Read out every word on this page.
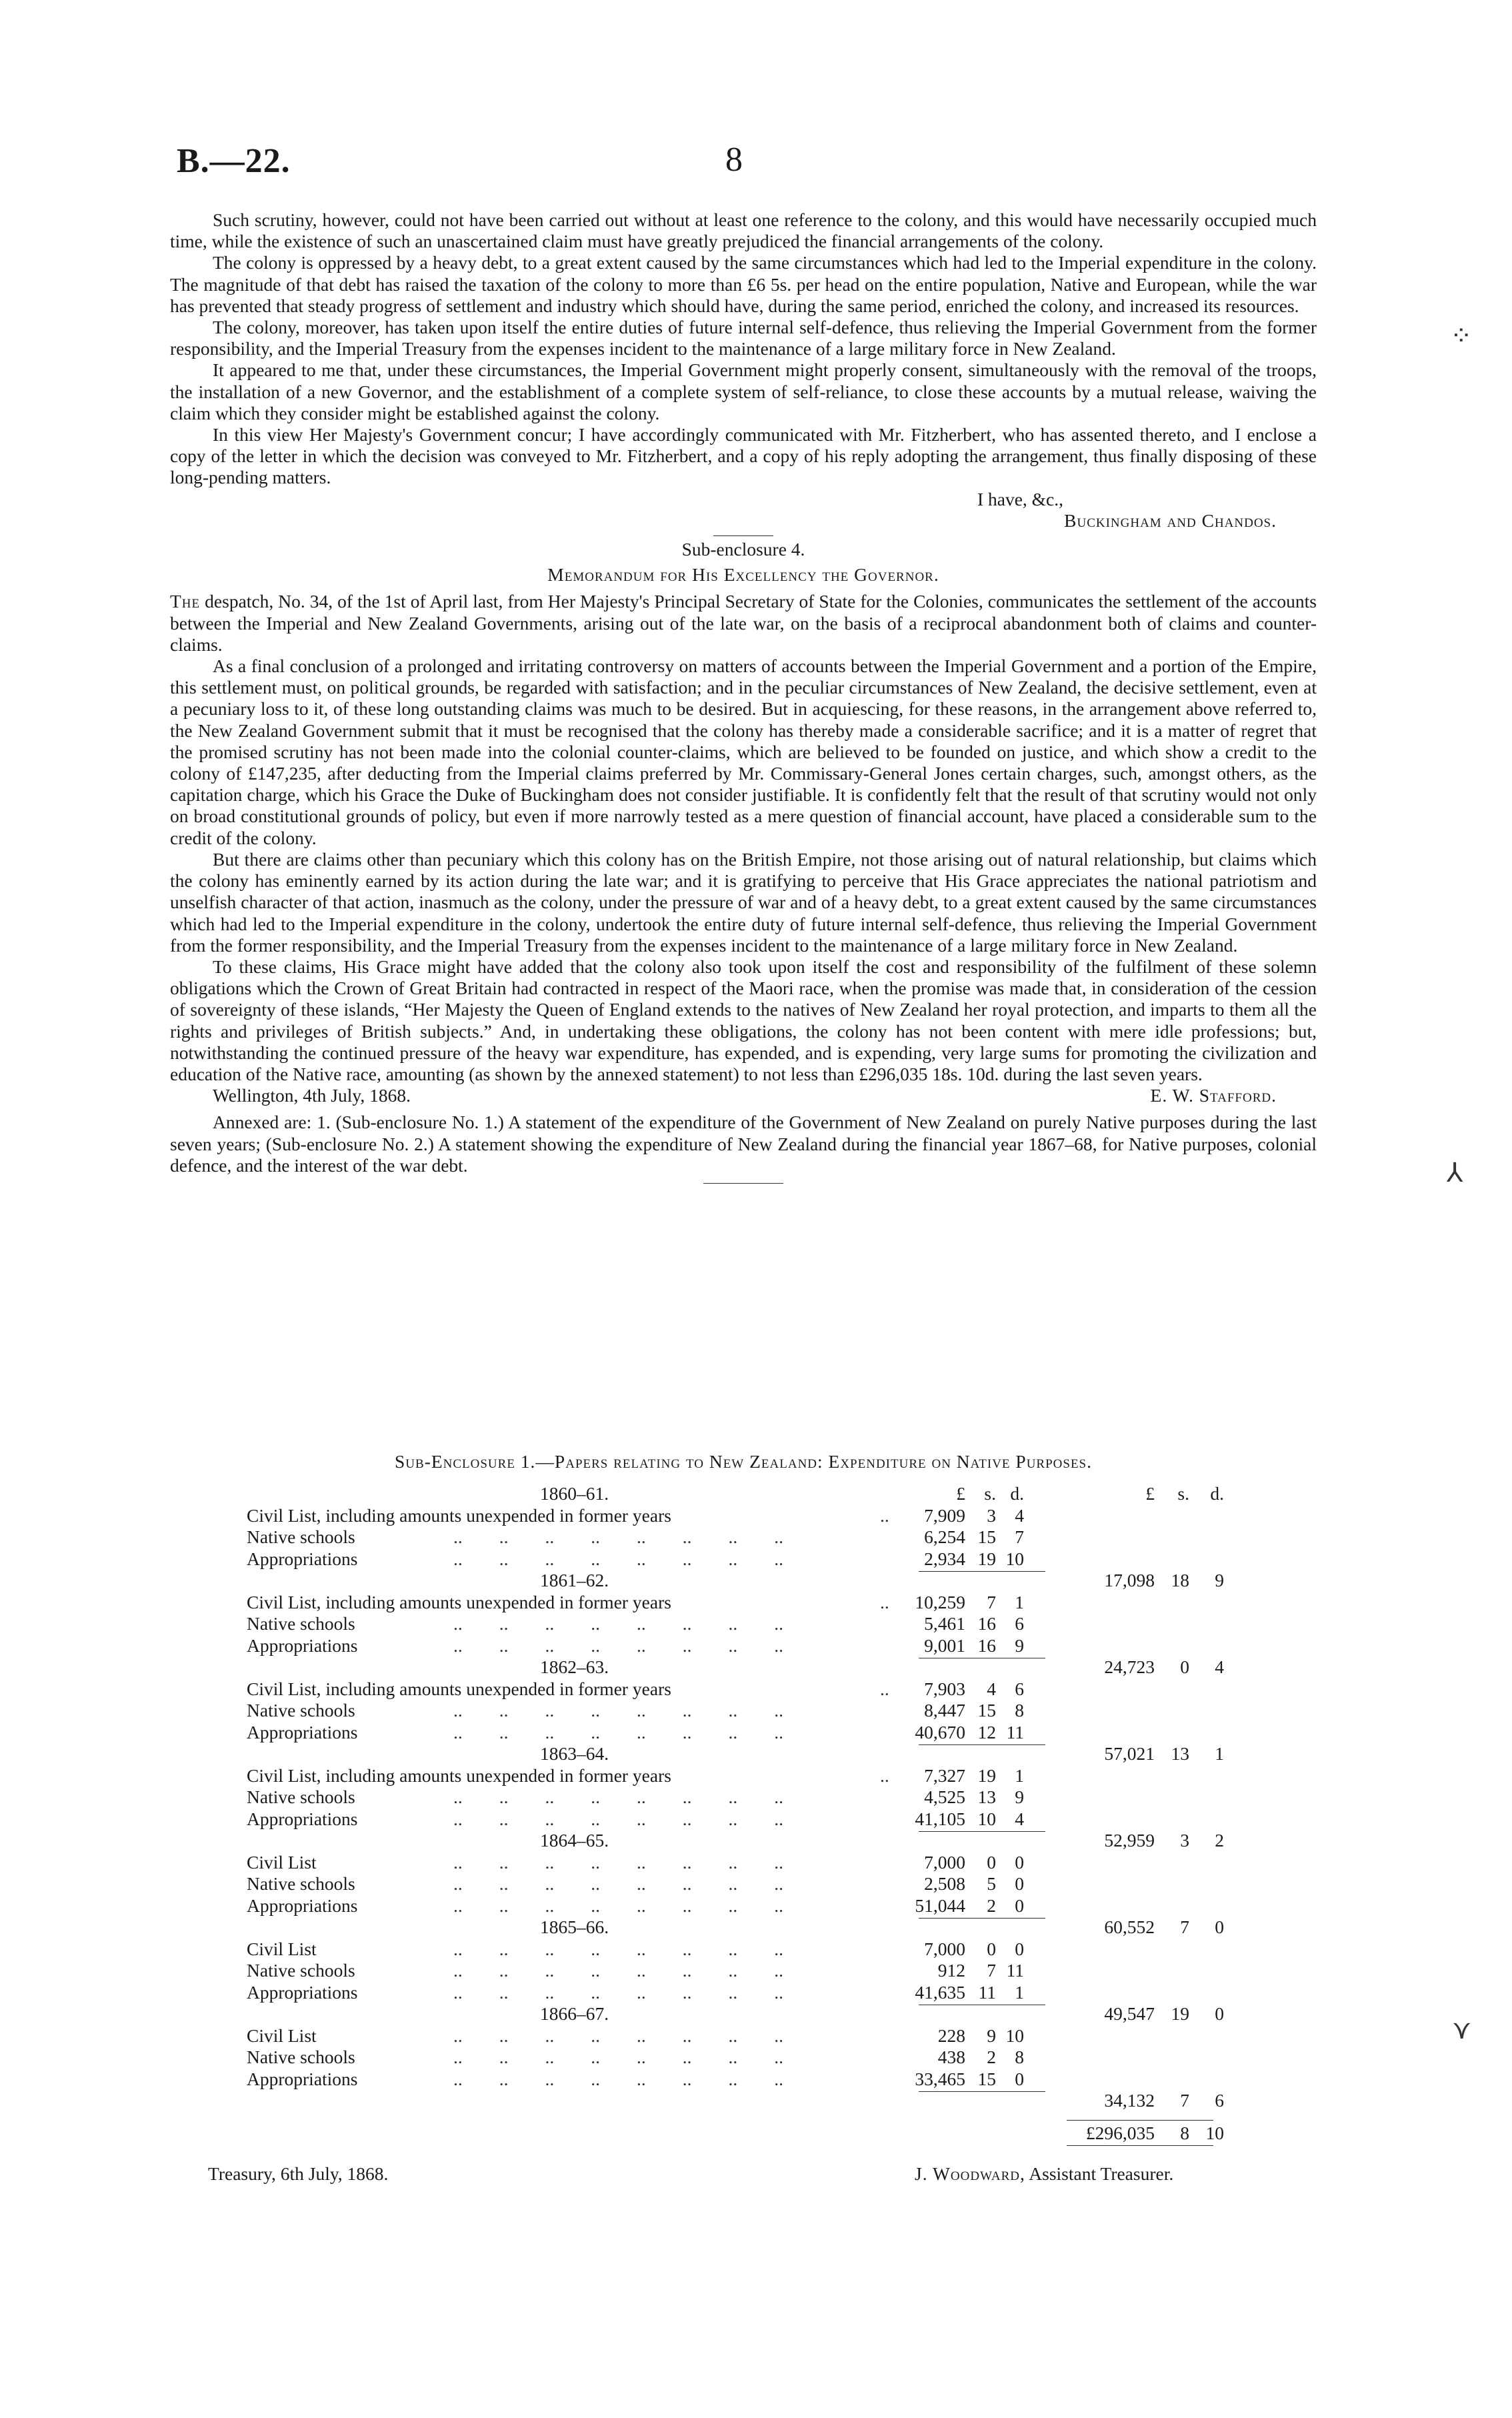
B.—22.	8

Such scrutiny, however, could not have been carried out without at least one reference to the colony, and this would have necessarily occupied much time, while the existence of such an unascertained claim must have greatly prejudiced the financial arrangements of the colony.

The colony is oppressed by a heavy debt, to a great extent caused by the same circumstances which had led to the Imperial expenditure in the colony. The magnitude of that debt has raised the taxation of the colony to more than £6 5s. per head on the entire population, Native and European, while the war has prevented that steady progress of settlement and industry which should have, during the same period, enriched the colony, and increased its resources.

The colony, moreover, has taken upon itself the entire duties of future internal self-defence, thus relieving the Imperial Government from the former responsibility, and the Imperial Treasury from the expenses incident to the maintenance of a large military force in New Zealand.

It appeared to me that, under these circumstances, the Imperial Government might properly consent, simultaneously with the removal of the troops, the installation of a new Governor, and the establishment of a complete system of self-reliance, to close these accounts by a mutual release, waiving the claim which they consider might be established against the colony.

In this view Her Majesty's Government concur; I have accordingly communicated with Mr. Fitzherbert, who has assented thereto, and I enclose a copy of the letter in which the decision was conveyed to Mr. Fitzherbert, and a copy of his reply adopting the arrangement, thus finally disposing of these long-pending matters.

I have, &c.,
Buckingham and Chandos.
Sub-enclosure 4.
Memorandum for His Excellency the Governor.

The despatch, No. 34, of the 1st of April last, from Her Majesty's Principal Secretary of State for the Colonies, communicates the settlement of the accounts between the Imperial and New Zealand Governments, arising out of the late war, on the basis of a reciprocal abandonment both of claims and counter-claims.

As a final conclusion of a prolonged and irritating controversy on matters of accounts between the Imperial Government and a portion of the Empire, this settlement must, on political grounds, be regarded with satisfaction; and in the peculiar circumstances of New Zealand, the decisive settlement, even at a pecuniary loss to it, of these long outstanding claims was much to be desired. But in acquiescing, for these reasons, in the arrangement above referred to, the New Zealand Government submit that it must be recognised that the colony has thereby made a considerable sacrifice; and it is a matter of regret that the promised scrutiny has not been made into the colonial counter-claims, which are believed to be founded on justice, and which show a credit to the colony of £147,235, after deducting from the Imperial claims preferred by Mr. Commissary-General Jones certain charges, such, amongst others, as the capitation charge, which his Grace the Duke of Buckingham does not consider justifiable. It is confidently felt that the result of that scrutiny would not only on broad constitutional grounds of policy, but even if more narrowly tested as a mere question of financial account, have placed a considerable sum to the credit of the colony.

But there are claims other than pecuniary which this colony has on the British Empire, not those arising out of natural relationship, but claims which the colony has eminently earned by its action during the late war; and it is gratifying to perceive that His Grace appreciates the national patriotism and unselfish character of that action, inasmuch as the colony, under the pressure of war and of a heavy debt, to a great extent caused by the same circumstances which had led to the Imperial expenditure in the colony, undertook the entire duty of future internal self-defence, thus relieving the Imperial Government from the former responsibility, and the Imperial Treasury from the expenses incident to the maintenance of a large military force in New Zealand.

To these claims, His Grace might have added that the colony also took upon itself the cost and responsibility of the fulfilment of these solemn obligations which the Crown of Great Britain had contracted in respect of the Maori race, when the promise was made that, in consideration of the cession of sovereignty of these islands, “Her Majesty the Queen of England extends to the natives of New Zealand her royal protection, and imparts to them all the rights and privileges of British subjects.” And, in undertaking these obligations, the colony has not been content with mere idle professions; but, notwithstanding the continued pressure of the heavy war expenditure, has expended, and is expending, very large sums for promoting the civilization and education of the Native race, amounting (as shown by the annexed statement) to not less than £296,035 18s. 10d. during the last seven years.

Wellington, 4th July, 1868.	E. W. Stafford.

Annexed are: 1. (Sub-enclosure No. 1.) A statement of the expenditure of the Government of New Zealand on purely Native purposes during the last seven years; (Sub-enclosure No. 2.) A statement showing the expenditure of New Zealand during the financial year 1867–68, for Native purposes, colonial defence, and the interest of the war debt.

Sub-Enclosure 1.—Papers relating to New Zealand: Expenditure on Native Purposes.
1860–61.	£	s. d.	£	s.	d.
Civil List, including amounts unexpended in former years	..	7,909	3	4
Native schools	..        ..        ..        ..        ..        ..        ..        ..	6,254 15	7
Appropriations	..        ..        ..        ..        ..        ..        ..        ..	2,934 19 10
1861–62.	17,098 18	9
Civil List, including amounts unexpended in former years	..	10,259	7	1
Native schools	..        ..        ..        ..        ..        ..        ..        ..	5,461 16	6
Appropriations	..        ..        ..        ..        ..        ..        ..        ..	9,001 16	9
1862–63.	24,723	0	4
Civil List, including amounts unexpended in former years	..	7,903	4	6
Native schools	..        ..        ..        ..        ..        ..        ..        ..	8,447 15	8
Appropriations	..        ..        ..        ..        ..        ..        ..        ..	40,670 12 11
1863–64.	57,021 13	1
Civil List, including amounts unexpended in former years	..	7,327 19	1
Native schools	..        ..        ..        ..        ..        ..        ..        ..	4,525 13	9
Appropriations	..        ..        ..        ..        ..        ..        ..        ..	41,105 10	4
1864–65.	52,959	3	2
Civil List	..        ..        ..        ..        ..        ..        ..        ..	7,000	0	0
Native schools	..        ..        ..        ..        ..        ..        ..        ..	2,508	5	0
Appropriations	..        ..        ..        ..        ..        ..        ..        ..	51,044	2	0
1865–66.	60,552	7	0
Civil List	..        ..        ..        ..        ..        ..        ..        ..	7,000	0	0
Native schools	..        ..        ..        ..        ..        ..        ..        ..	912	7 11
Appropriations	..        ..        ..        ..        ..        ..        ..        ..	41,635 11	1
1866–67.	49,547 19	0
Civil List	..        ..        ..        ..        ..        ..        ..        ..	228	9 10
Native schools	..        ..        ..        ..        ..        ..        ..        ..	438	2	8
Appropriations	..        ..        ..        ..        ..        ..        ..        ..	33,465 15	0
34,132	7	6
£296,035	8 10
Treasury, 6th July, 1868.	J. Woodward, Assistant Treasurer.
⁘
⅄
⋎
